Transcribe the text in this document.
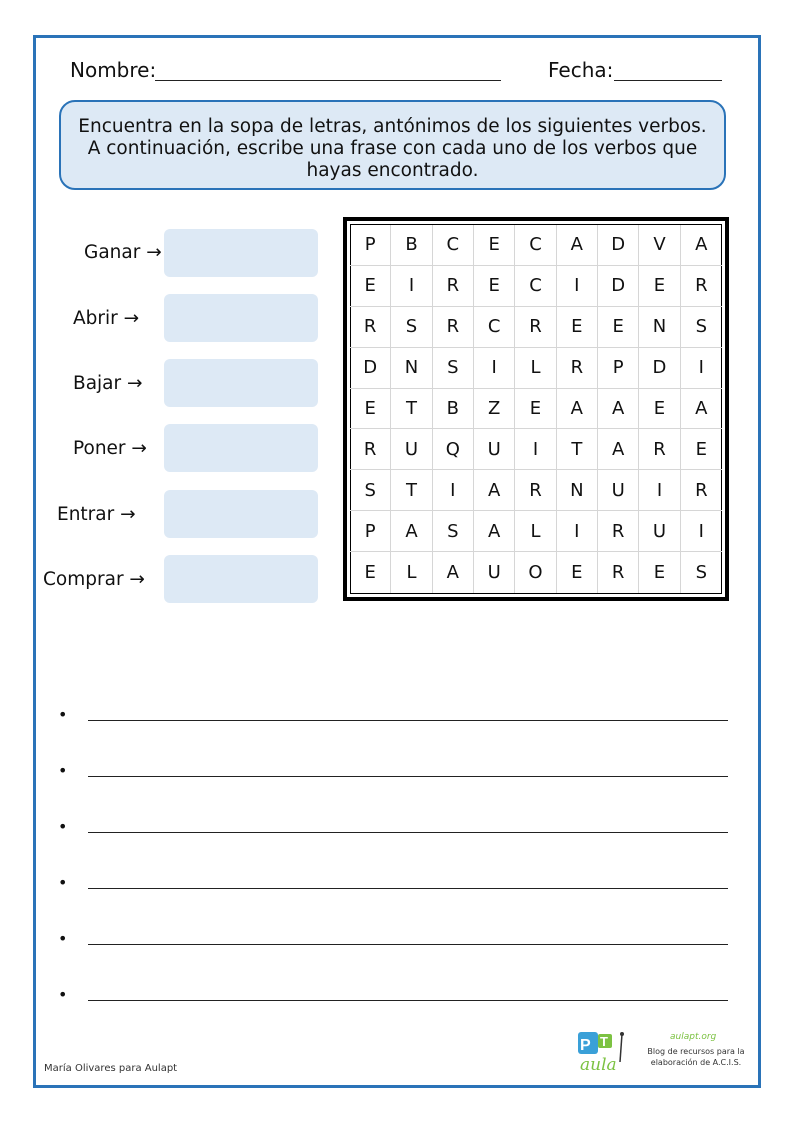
Nombre:	Fecha:
Encuentra en la sopa de letras, antónimos de los siguientes verbos.
A continuación, escribe una frase con cada uno de los verbos que
hayas encontrado.
Ganar →
Abrir →
Bajar →
Poner →
Entrar →
Comprar →
P	B	C	E	C	A	D	V	A
E	I	R	E	C	I	D	E	R
R	S	R	C	R	E	E	N	S
D	N	S	I	L	R	P	D	I
E	T	B	Z	E	A	A	E	A
R	U	Q	U	I	T	A	R	E
S	T	I	A	R	N	U	I	R
P	A	S	A	L	I	R	U	I
E	L	A	U	O	E	R	E	S
•
•
•
•
•
•
María Olivares para Aulapt
P T
aula
aulapt.org
Blog de recursos para la elaboración de A.C.I.S.
